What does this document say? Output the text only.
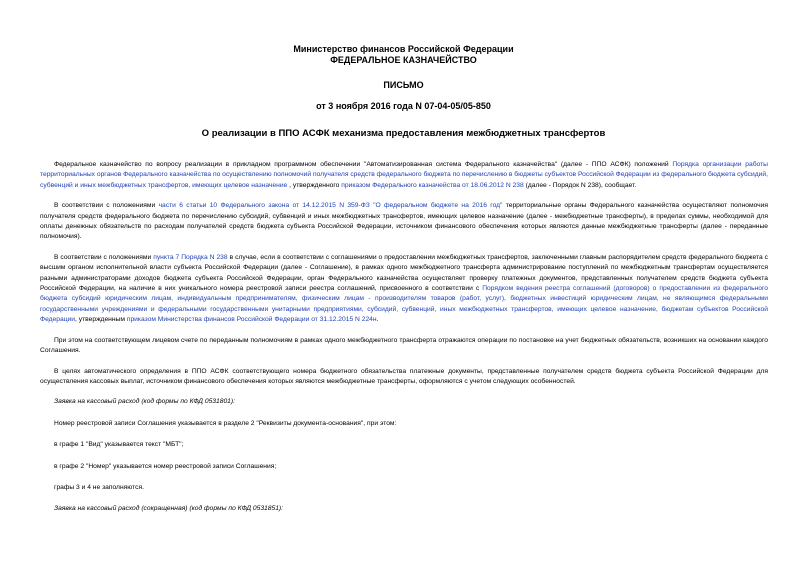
Министерство финансов Российской Федерации
ФЕДЕРАЛЬНОЕ КАЗНАЧЕЙСТВО
ПИСЬМО
от 3 ноября 2016 года N 07-04-05/05-850
О реализации в ППО АСФК механизма предоставления межбюджетных трансфертов

Федеральное казначейство по вопросу реализации в прикладном программном обеспечении "Автоматизированная система Федерального казначейства" (далее - ППО АСФК) положений Порядка организации работы территориальных органов Федерального казначейства по осуществлению полномочий получателя средств федерального бюджета по перечислению в бюджеты субъектов Российской Федерации из федерального бюджета субсидий, субвенций и иных межбюджетных трансфертов, имеющих целевое назначение , утвержденного приказом Федерального казначейства от 18.06.2012 N 238 (далее - Порядок N 238), сообщает.

В соответствии с положениями части 6 статьи 10 Федерального закона от 14.12.2015 N 359-ФЗ "О федеральном бюджете на 2016 год" территориальные органы Федерального казначейства осуществляют полномочия получателя средств федерального бюджета по перечислению субсидий, субвенций и иных межбюджетных трансфертов, имеющих целевое назначение (далее - межбюджетные трансферты), в пределах суммы, необходимой для оплаты денежных обязательств по расходам получателей средств бюджета субъекта Российской Федерации, источником финансового обеспечения которых являются данные межбюджетные трансферты (далее - переданные полномочия).

В соответствии с положениями пункта 7 Порядка N 238 в случае, если в соответствии с соглашениями о предоставлении межбюджетных трансфертов, заключенными главным распорядителем средств федерального бюджета с высшим органом исполнительной власти субъекта Российской Федерации (далее - Соглашение), в рамках одного межбюджетного трансферта администрирование поступлений по межбюджетным трансфертам осуществляется разными администраторами доходов бюджета субъекта Российской Федерации, орган Федерального казначейства осуществляет проверку платежных документов, представленных получателем средств бюджета субъекта Российской Федерации, на наличие в них уникального номера реестровой записи реестра соглашений, присвоенного в соответствии с Порядком ведения реестра соглашений (договоров) о предоставлении из федерального бюджета субсидий юридическим лицам, индивидуальным предпринимателям, физическим лицам - производителям товаров (работ, услуг), бюджетных инвестиций юридическим лицам, не являющимся федеральными государственными учреждениями и федеральными государственными унитарными предприятиями, субсидий, субвенций, иных межбюджетных трансфертов, имеющих целевое назначение, бюджетам субъектов Российской Федерации, утвержденным приказом Министерства финансов Российской Федерации от 31.12.2015 N 224н.

При этом на соответствующем лицевом счете по переданным полномочиям в рамках одного межбюджетного трансферта отражаются операции по постановке на учет бюджетных обязательств, возникших на основании каждого Соглашения.

В целях автоматического определения в ППО АСФК соответствующего номера бюджетного обязательства платежные документы, представленные получателем средств бюджета субъекта Российской Федерации для осуществления кассовых выплат, источником финансового обеспечения которых являются межбюджетные трансферты, оформляются с учетом следующих особенностей.

Заявка на кассовый расход (код формы по КФД 0531801):

Номер реестровой записи Соглашения указывается в разделе 2 "Реквизиты документа-основания", при этом:

в графе 1 "Вид" указывается текст "МБТ";

в графе 2 "Номер" указывается номер реестровой записи Соглашения;

графы 3 и 4 не заполняются.

Заявка на кассовый расход (сокращенная) (код формы по КФД 0531851):
